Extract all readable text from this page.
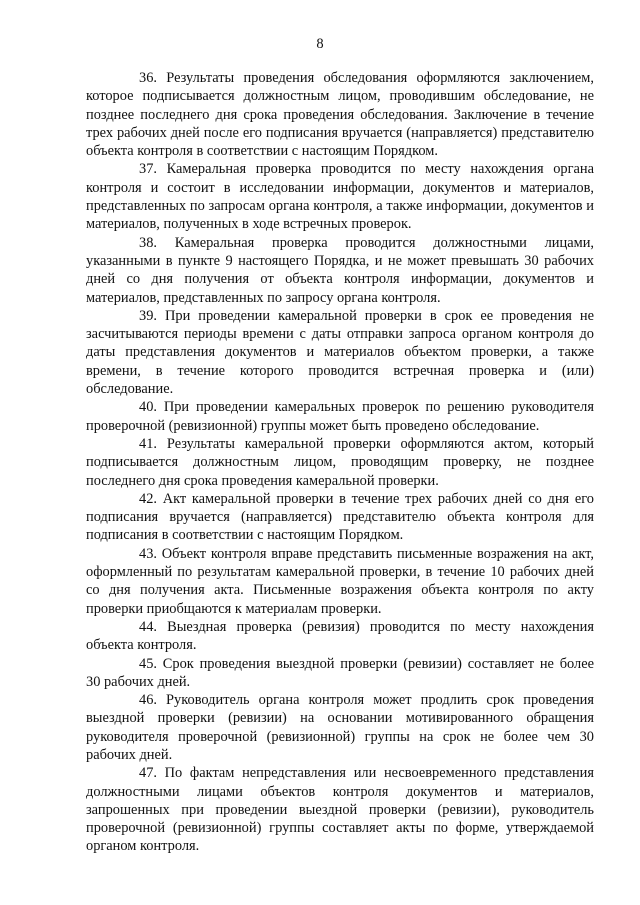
8

36. Результаты проведения обследования оформляются заключением, которое подписывается должностным лицом, проводившим обследование, не позднее последнего дня срока проведения обследования. Заключение в течение трех рабочих дней после его подписания вручается (направляется) представителю объекта контроля в соответствии с настоящим Порядком.

37. Камеральная проверка проводится по месту нахождения органа контроля и состоит в исследовании информации, документов и материалов, представленных по запросам органа контроля, а также информации, документов и материалов, полученных в ходе встречных проверок.

38. Камеральная проверка проводится должностными лицами, указанными в пункте 9 настоящего Порядка, и не может превышать 30 рабочих дней со дня получения от объекта контроля информации, документов и материалов, представленных по запросу органа контроля.

39. При проведении камеральной проверки в срок ее проведения не засчитываются периоды времени с даты отправки запроса органом контроля до даты представления документов и материалов объектом проверки, а также времени, в течение которого проводится встречная проверка и (или) обследование.

40. При проведении камеральных проверок по решению руководителя проверочной (ревизионной) группы может быть проведено обследование.

41. Результаты камеральной проверки оформляются актом, который подписывается должностным лицом, проводящим проверку, не позднее последнего дня срока проведения камеральной проверки.

42. Акт камеральной проверки в течение трех рабочих дней со дня его подписания вручается (направляется) представителю объекта контроля для подписания в соответствии с настоящим Порядком.

43. Объект контроля вправе представить письменные возражения на акт, оформленный по результатам камеральной проверки, в течение 10 рабочих дней со дня получения акта. Письменные возражения объекта контроля по акту проверки приобщаются к материалам проверки.

44. Выездная проверка (ревизия) проводится по месту нахождения объекта контроля.

45. Срок проведения выездной проверки (ревизии) составляет не более 30 рабочих дней.

46. Руководитель органа контроля может продлить срок проведения выездной проверки (ревизии) на основании мотивированного обращения руководителя проверочной (ревизионной) группы на срок не более чем 30 рабочих дней.

47. По фактам непредставления или несвоевременного представления должностными лицами объектов контроля документов и материалов, запрошенных при проведении выездной проверки (ревизии), руководитель проверочной (ревизионной) группы составляет акты по форме, утверждаемой органом контроля.
